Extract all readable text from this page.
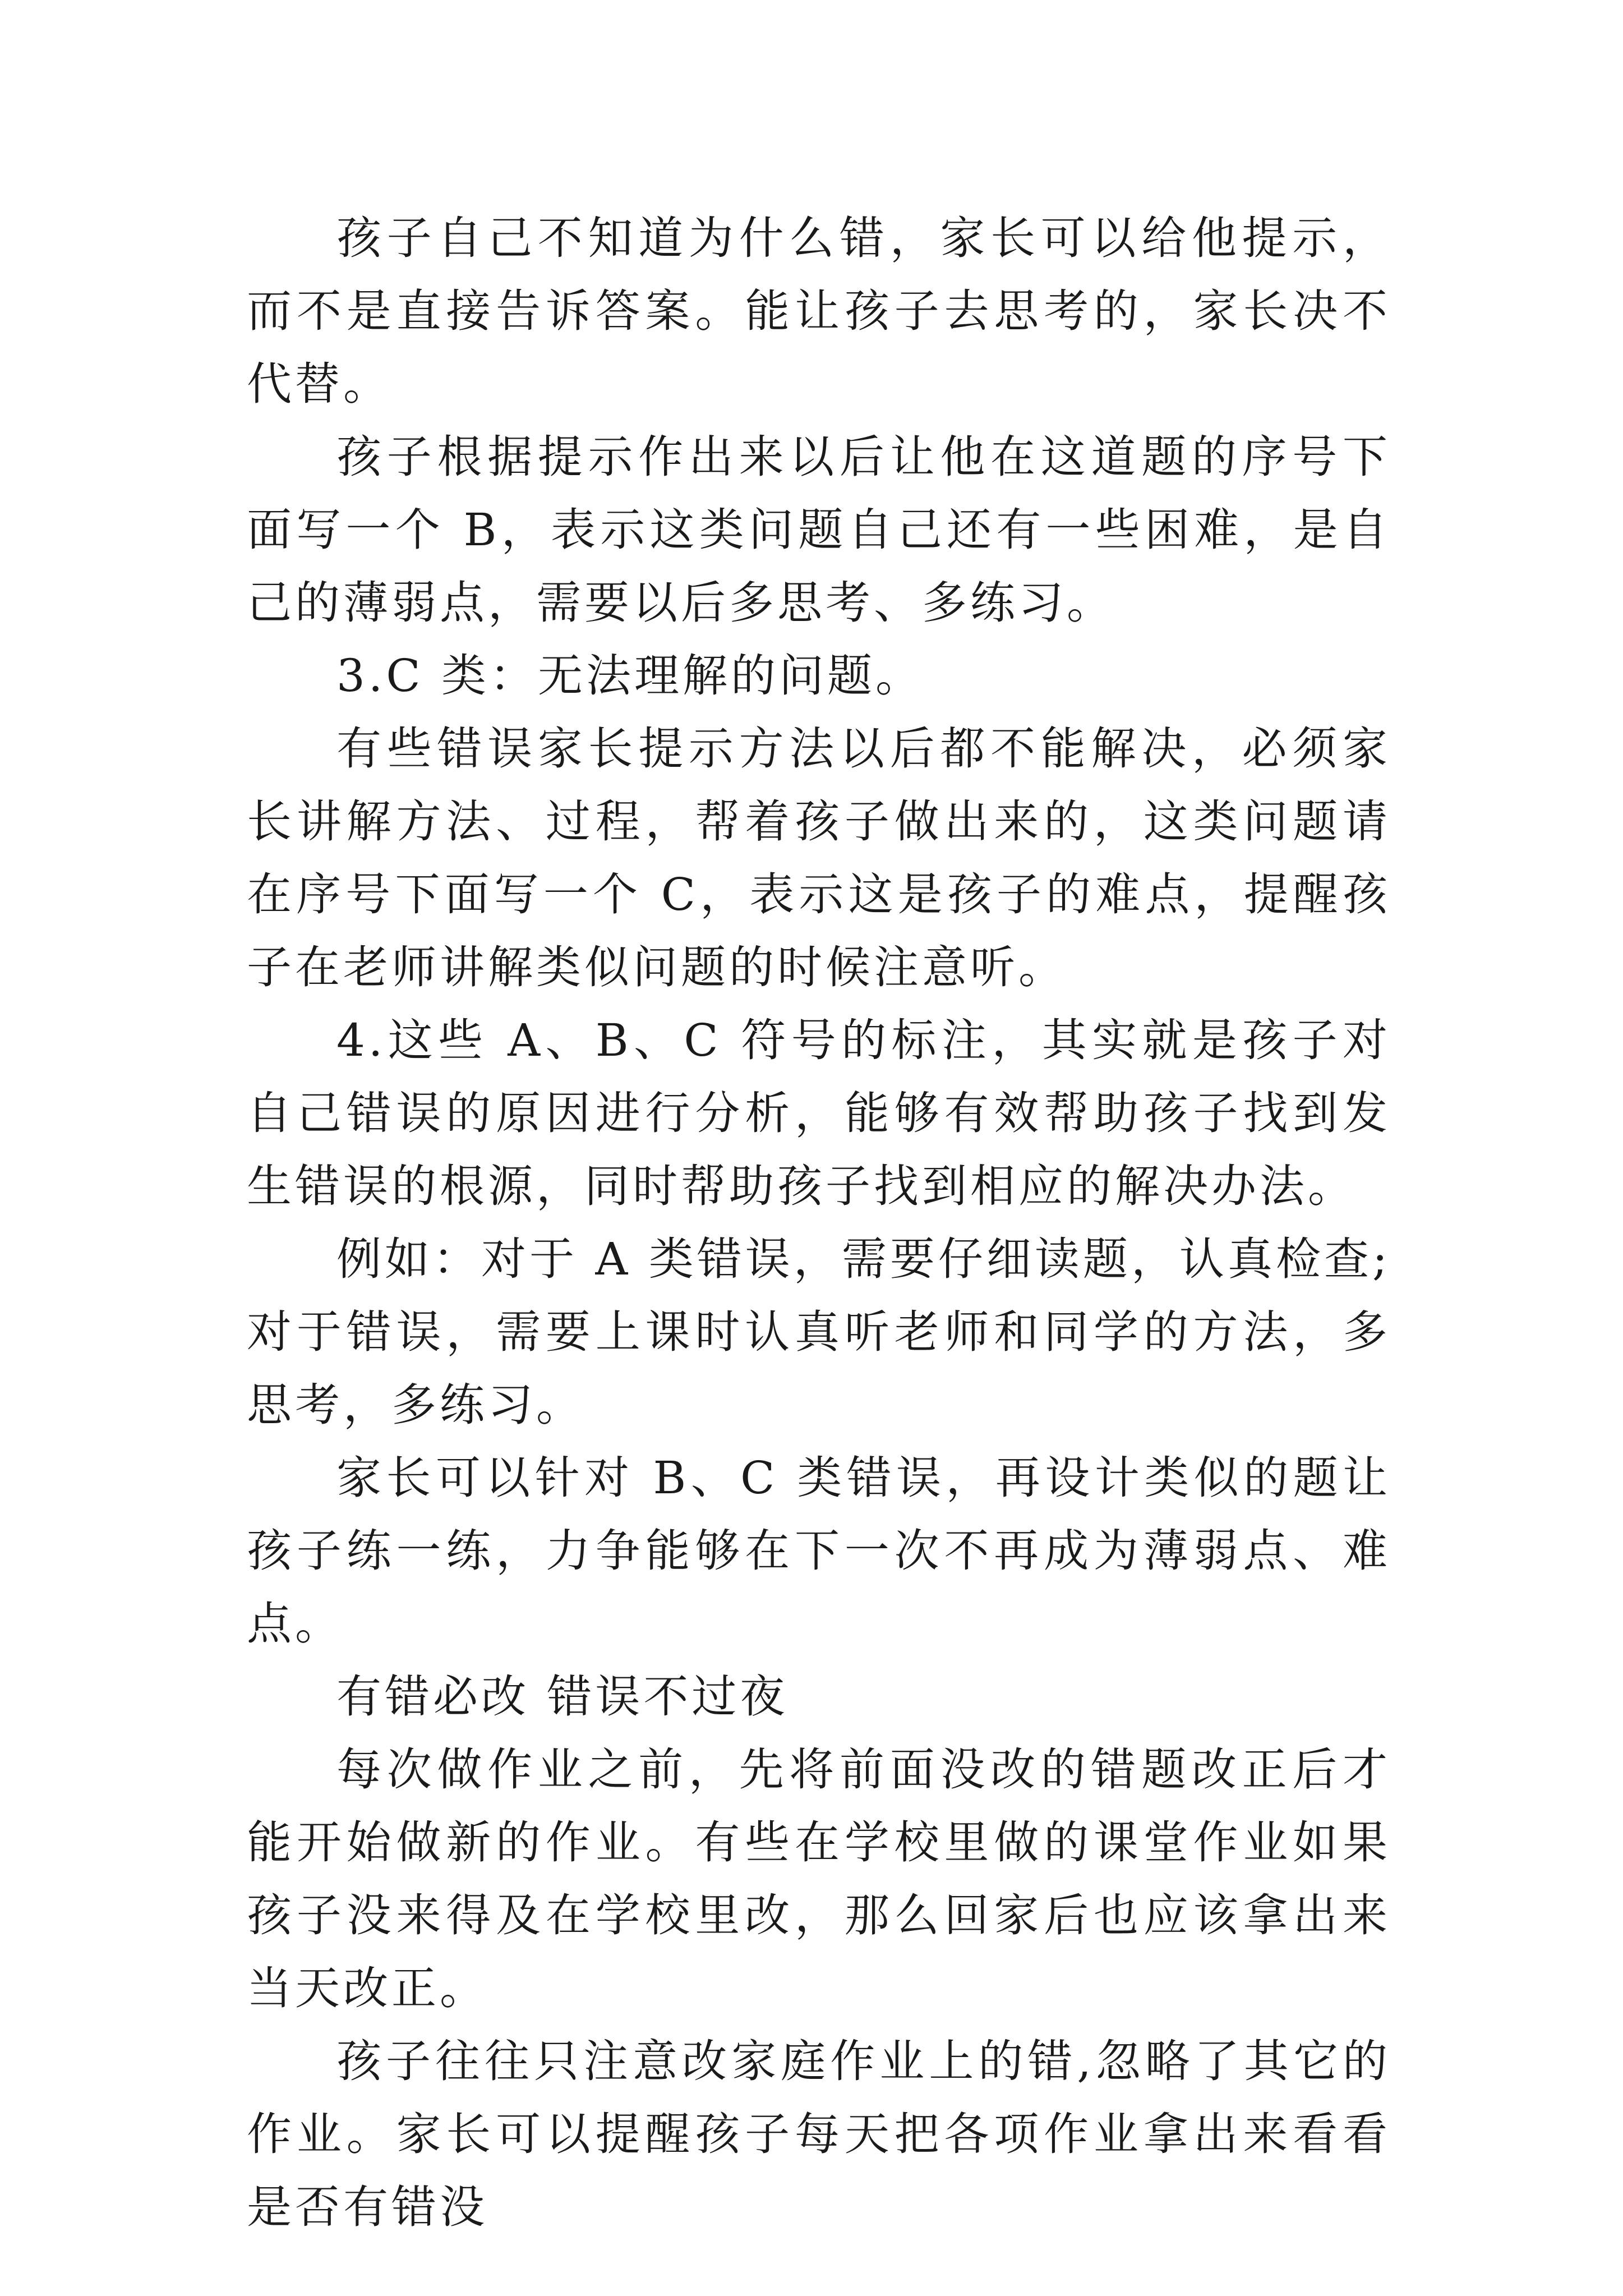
孩子自己不知道为什么错，家长可以给他提示，而不是直接告诉答案。能让孩子去思考的，家长决不代替。

孩子根据提示作出来以后让他在这道题的序号下面写一个 B，表示这类问题自己还有一些困难，是自己的薄弱点，需要以后多思考、多练习。

3.C 类：无法理解的问题。

有些错误家长提示方法以后都不能解决，必须家长讲解方法、过程，帮着孩子做出来的，这类问题请在序号下面写一个 C，表示这是孩子的难点，提醒孩子在老师讲解类似问题的时候注意听。

4.这些 A、B、C 符号的标注，其实就是孩子对自己错误的原因进行分析，能够有效帮助孩子找到发生错误的根源，同时帮助孩子找到相应的解决办法。

例如：对于 A 类错误，需要仔细读题，认真检查;对于错误，需要上课时认真听老师和同学的方法，多思考，多练习。

家长可以针对 B、C 类错误，再设计类似的题让孩子练一练，力争能够在下一次不再成为薄弱点、难点。

有错必改 错误不过夜

每次做作业之前，先将前面没改的错题改正后才能开始做新的作业。有些在学校里做的课堂作业如果孩子没来得及在学校里改，那么回家后也应该拿出来当天改正。

孩子往往只注意改家庭作业上的错,忽略了其它的作业。家长可以提醒孩子每天把各项作业拿出来看看是否有错没
